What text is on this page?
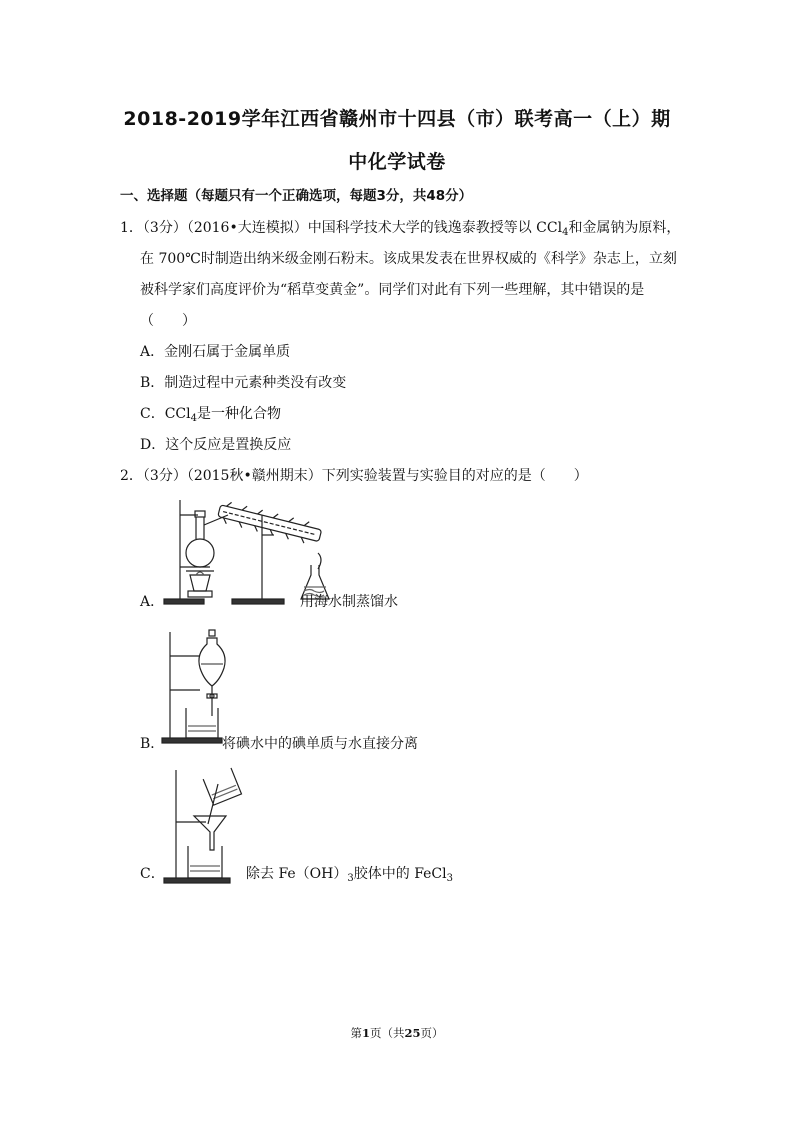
2018-2019学年江西省赣州市十四县（市）联考高一（上）期
中化学试卷
一、选择题（每题只有一个正确选项，每题3分，共48分）
1．（3分）（2016•大连模拟）中国科学技术大学的钱逸泰教授等以 CCl$_4$和金属钠为原料，
在 700℃时制造出纳米级金刚石粉末。该成果发表在世界权威的《科学》杂志上，立刻
被科学家们高度评价为“稻草变黄金”。同学们对此有下列一些理解，其中错误的是
（　　）
A．金刚石属于金属单质
B．制造过程中元素种类没有改变
C．CCl$_4$是一种化合物
D．这个反应是置换反应
2．（3分）（2015秋•赣州期末）下列实验装置与实验目的对应的是（　　）
A．	用海水制蒸馏水
B．	将碘水中的碘单质与水直接分离
C．	除去 $Fe(OH)_3$胶体中的 FeCl$_3$
第1页（共25页）
